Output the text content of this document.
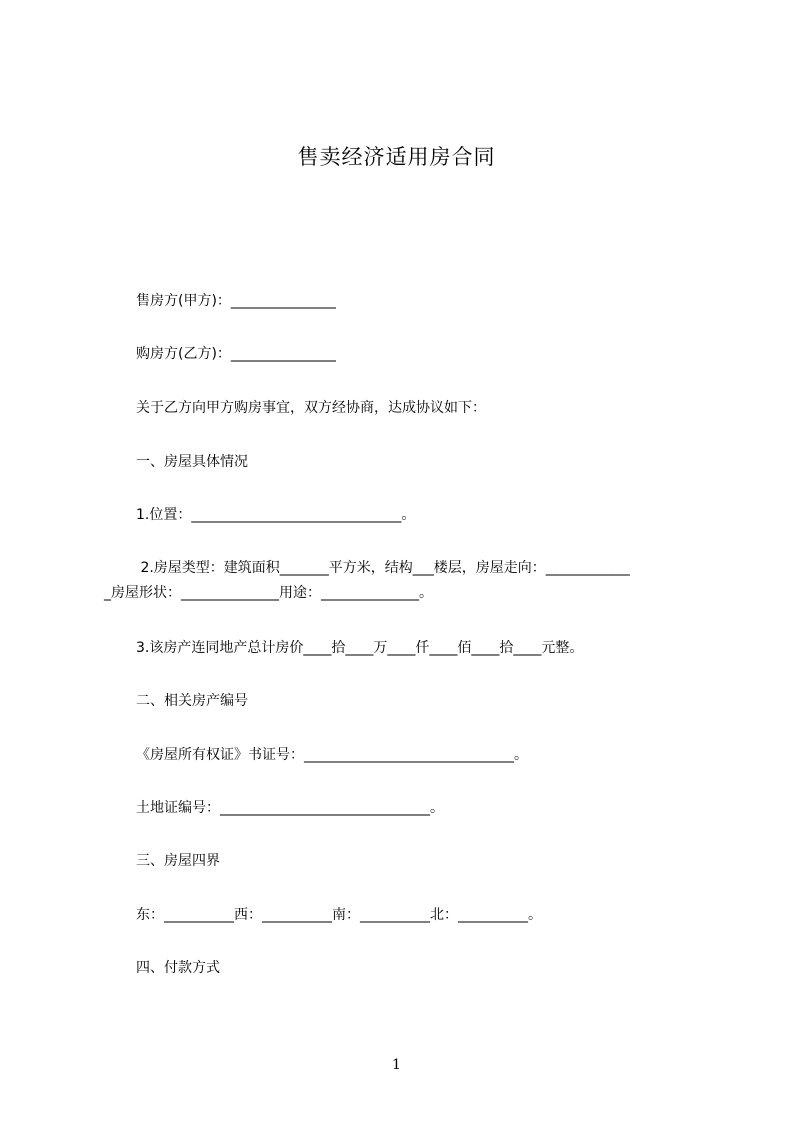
售卖经济适用房合同
售房方(甲方)：_______________
购房方(乙方)：_______________
关于乙方向甲方购房事宜，双方经协商，达成协议如下：
一、房屋具体情况
1.位置：______________________________。
2.房屋类型：建筑面积_______平方米，结构___楼层，房屋走向：____________
_房屋形状：______________用途：______________。
3.该房产连同地产总计房价____拾____万____仟____佰____拾____元整。
二、相关房产编号
《房屋所有权证》书证号：______________________________。
土地证编号：______________________________。
三、房屋四界
东：__________西：__________南：__________北：__________。
四、付款方式
1
